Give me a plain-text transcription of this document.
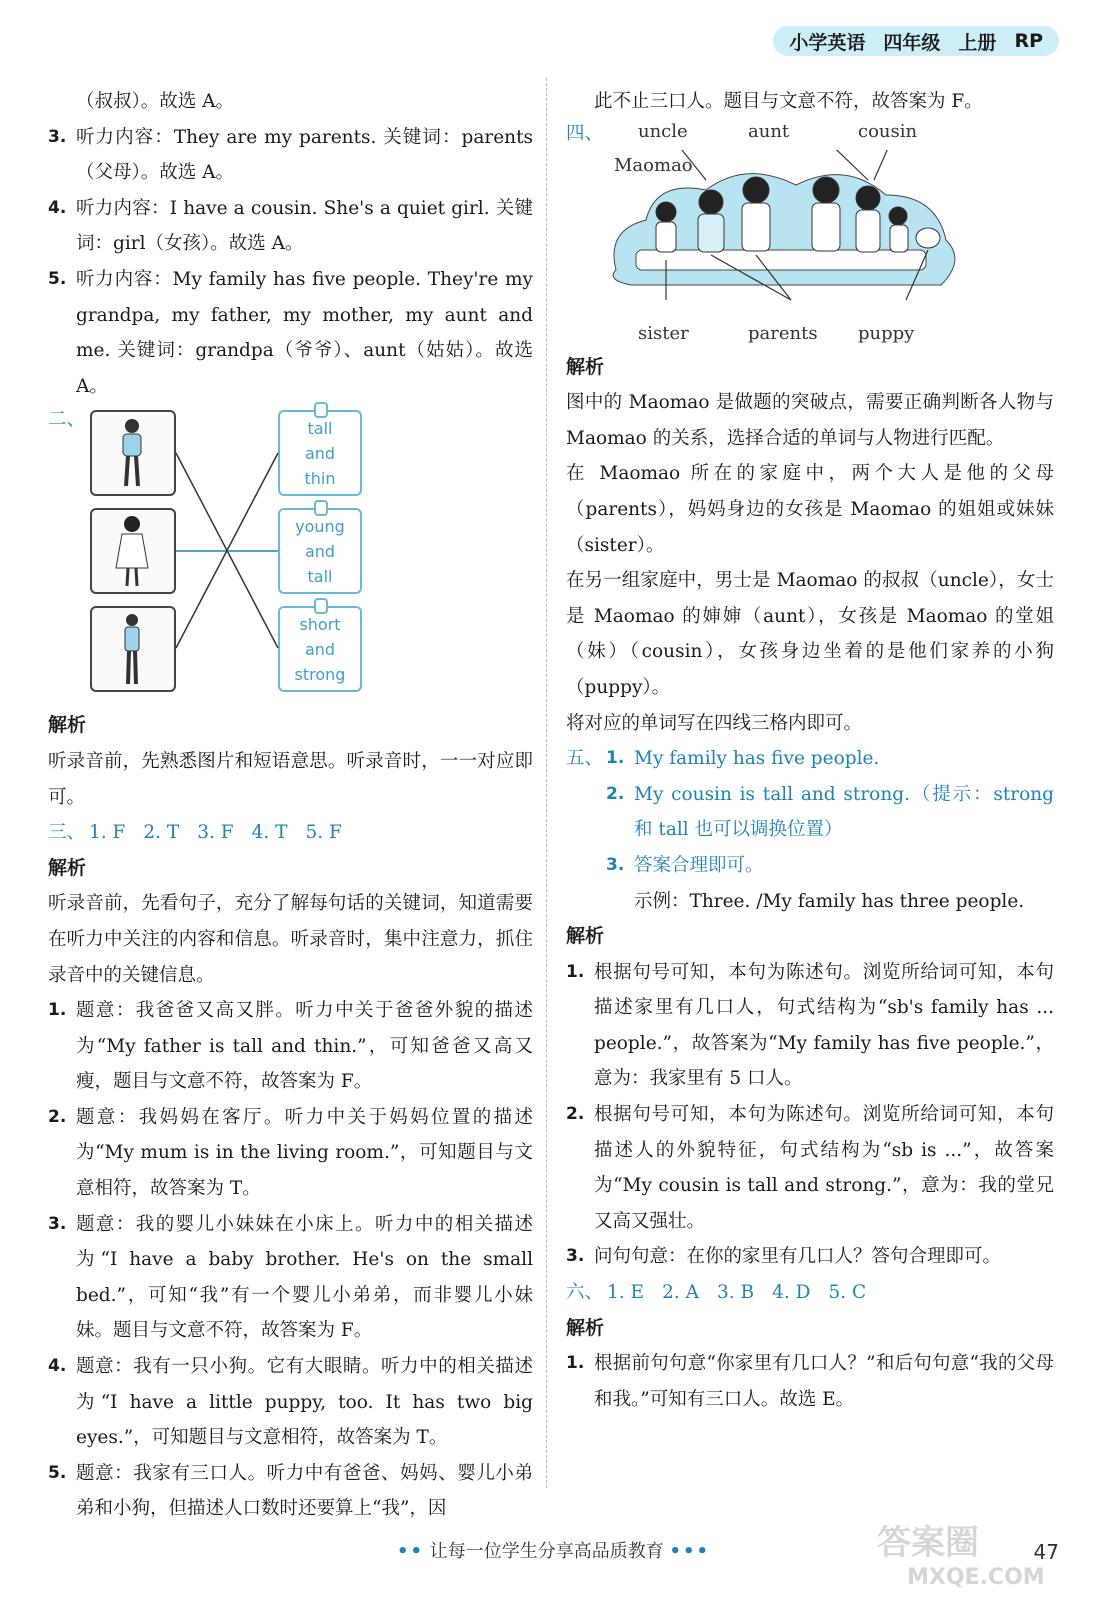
小学英语 四年级 上册 RP

（叔叔）。故选 A。

3. 听力内容：They are my parents. 关键词：parents（父母）。故选 A。
4. 听力内容：I have a cousin. She's a quiet girl. 关键词：girl（女孩）。故选 A。
5. 听力内容：My family has five people. They're my grandpa, my father, my mother, my aunt and me. 关键词：grandpa（爷爷）、aunt（姑姑）。故选 A。
二、	tall
and
thin
young
and
tall
short
and
strong

解析

听录音前，先熟悉图片和短语意思。听录音时，一一对应即可。

三、 1. F 2. T 3. F 4. T 5. F

解析

听录音前，先看句子，充分了解每句话的关键词，知道需要在听力中关注的内容和信息。听录音时，集中注意力，抓住录音中的关键信息。

1. 题意：我爸爸又高又胖。听力中关于爸爸外貌的描述为“My father is tall and thin.”，可知爸爸又高又瘦，题目与文意不符，故答案为 F。
2. 题意：我妈妈在客厅。听力中关于妈妈位置的描述为“My mum is in the living room.”，可知题目与文意相符，故答案为 T。
3. 题意：我的婴儿小妹妹在小床上。听力中的相关描述为“I have a baby brother. He's on the small bed.”，可知“我”有一个婴儿小弟弟，而非婴儿小妹妹。题目与文意不符，故答案为 F。
4. 题意：我有一只小狗。它有大眼睛。听力中的相关描述为“I have a little puppy, too. It has two big eyes.”，可知题目与文意相符，故答案为 T。
5. 题意：我家有三口人。听力中有爸爸、妈妈、婴儿小弟弟和小狗，但描述人口数时还要算上“我”，因

此不止三口人。题目与文意不符，故答案为 F。

四、 uncle	aunt	cousin
Maomao
sister	parents puppy

解析

图中的 Maomao 是做题的突破点，需要正确判断各人物与 Maomao 的关系，选择合适的单词与人物进行匹配。

在 Maomao 所在的家庭中，两个大人是他的父母（parents），妈妈身边的女孩是 Maomao 的姐姐或妹妹（sister）。

在另一组家庭中，男士是 Maomao 的叔叔（uncle），女士是 Maomao 的婶婶（aunt），女孩是 Maomao 的堂姐（妹）（cousin），女孩身边坐着的是他们家养的小狗（puppy）。

将对应的单词写在四线三格内即可。

五、 1. My family has five people.
2. My cousin is tall and strong.（提示：strong 和 tall 也可以调换位置）
3. 答案合理即可。

示例：Three. /My family has three people.

解析

1. 根据句号可知，本句为陈述句。浏览所给词可知，本句描述家里有几口人，句式结构为“sb's family has ... people.”，故答案为“My family has five people.”，意为：我家里有 5 口人。
2. 根据句号可知，本句为陈述句。浏览所给词可知，本句描述人的外貌特征，句式结构为“sb is ...”，故答案为“My cousin is tall and strong.”，意为：我的堂兄又高又强壮。
3. 问句句意：在你的家里有几口人？答句合理即可。
六、 1. E 2. A 3. B 4. D 5. C

解析

1. 根据前句句意“你家里有几口人？”和后句句意“我的父母和我。”可知有三口人。故选 E。
•• 让每一位学生分享高品质教育 •••	47
答案圈
MXQE.COM
